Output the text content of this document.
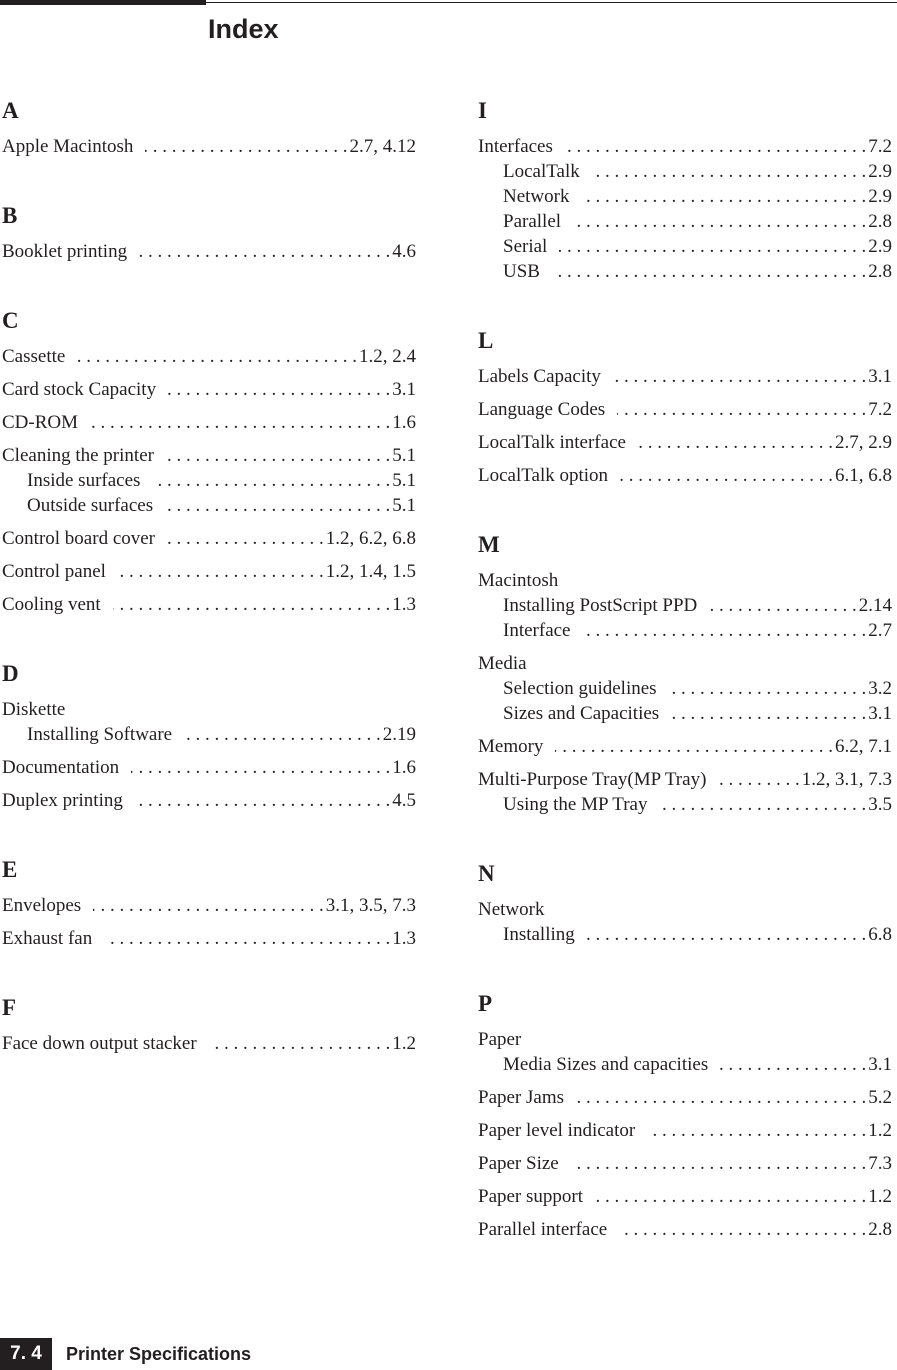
Index
A
Apple Macintosh . . .	2.7, 4.12
B
Booklet printing . . .	4.6
C
Cassette . . .	1.2, 2.4
Card stock Capacity . . .	3.1
CD-ROM . . .	1.6
Cleaning the printer . . .	5.1
Inside surfaces . . .	5.1
Outside surfaces . . .	5.1
Control board cover . . .	1.2, 6.2, 6.8
Control panel . . .	1.2, 1.4, 1.5
Cooling vent . . .	1.3
D
Diskette
Installing Software . . .	2.19
Documentation . . .	1.6
Duplex printing . . .	4.5
E
Envelopes . . .	3.1, 3.5, 7.3
Exhaust fan . . .	1.3
F
Face down output stacker . . .	1.2
I
Interfaces . . .	7.2
LocalTalk . . .	2.9
Network . . .	2.9
Parallel . . .	2.8
Serial . . .	2.9
USB . . .	2.8
L
Labels Capacity . . .	3.1
Language Codes . . .	7.2
LocalTalk interface . . .	2.7, 2.9
LocalTalk option . . .	6.1, 6.8
M
Macintosh
Installing PostScript PPD . . .	2.14
Interface . . .	2.7
Media
Selection guidelines . . .	3.2
Sizes and Capacities . . .	3.1
Memory . . .	6.2, 7.1
Multi-Purpose Tray(MP Tray) . . .	1.2, 3.1, 7.3
Using the MP Tray . . .	3.5
N
Network
Installing . . .	6.8
P
Paper
Media Sizes and capacities . . .	3.1
Paper Jams . . .	5.2
Paper level indicator . . .	1.2
Paper Size . . .	7.3
Paper support . . .	1.2
Parallel interface . . .	2.8
7. 4	Printer Specifications
